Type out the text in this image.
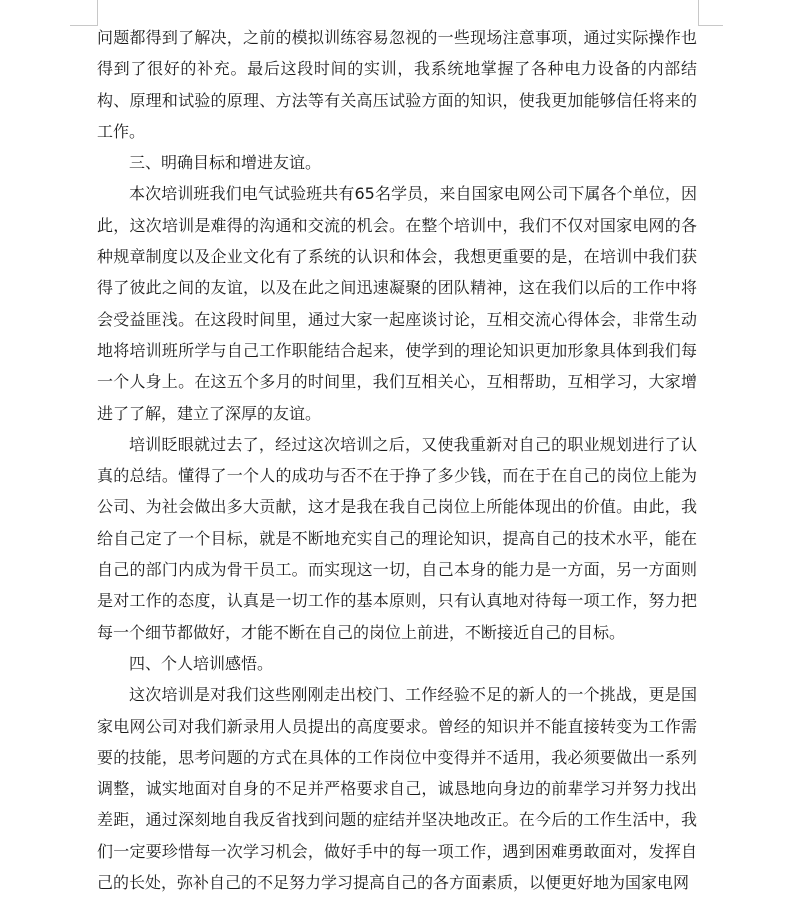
问题都得到了解决，之前的模拟训练容易忽视的一些现场注意事项，通过实际操作也得到了很好的补充。最后这段时间的实训，我系统地掌握了各种电力设备的内部结构、原理和试验的原理、方法等有关高压试验方面的知识，使我更加能够信任将来的工作。

三、明确目标和增进友谊。

本次培训班我们电气试验班共有65名学员，来自国家电网公司下属各个单位，因此，这次培训是难得的沟通和交流的机会。在整个培训中，我们不仅对国家电网的各种规章制度以及企业文化有了系统的认识和体会，我想更重要的是，在培训中我们获得了彼此之间的友谊，以及在此之间迅速凝聚的团队精神，这在我们以后的工作中将会受益匪浅。在这段时间里，通过大家一起座谈讨论，互相交流心得体会，非常生动地将培训班所学与自己工作职能结合起来，使学到的理论知识更加形象具体到我们每一个人身上。在这五个多月的时间里，我们互相关心，互相帮助，互相学习，大家增进了了解，建立了深厚的友谊。

培训眨眼就过去了，经过这次培训之后，又使我重新对自己的职业规划进行了认真的总结。懂得了一个人的成功与否不在于挣了多少钱，而在于在自己的岗位上能为公司、为社会做出多大贡献，这才是我在我自己岗位上所能体现出的价值。由此，我给自己定了一个目标，就是不断地充实自己的理论知识，提高自己的技术水平，能在自己的部门内成为骨干员工。而实现这一切，自己本身的能力是一方面，另一方面则是对工作的态度，认真是一切工作的基本原则，只有认真地对待每一项工作，努力把每一个细节都做好，才能不断在自己的岗位上前进，不断接近自己的目标。

四、个人培训感悟。

这次培训是对我们这些刚刚走出校门、工作经验不足的新人的一个挑战，更是国家电网公司对我们新录用人员提出的高度要求。曾经的知识并不能直接转变为工作需要的技能，思考问题的方式在具体的工作岗位中变得并不适用，我必须要做出一系列调整，诚实地面对自身的不足并严格要求自己，诚恳地向身边的前辈学习并努力找出差距，通过深刻地自我反省找到问题的症结并坚决地改正。在今后的工作生活中，我们一定要珍惜每一次学习机会，做好手中的每一项工作，遇到困难勇敢面对，发挥自己的长处，弥补自己的不足努力学习提高自己的各方面素质，以便更好地为国家电网
